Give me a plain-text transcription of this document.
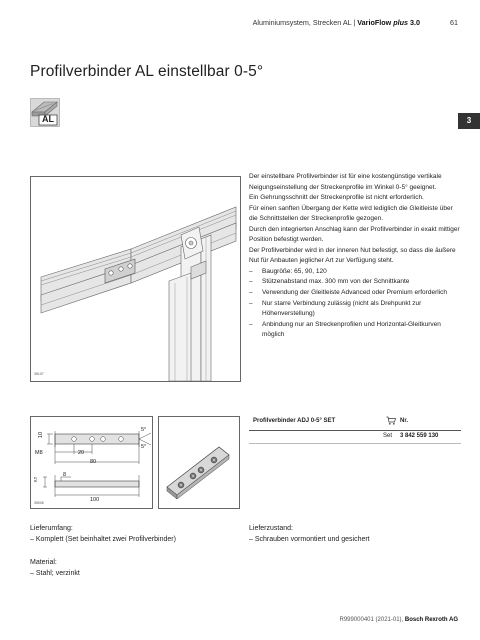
Aluminiumsystem, Strecken AL | VarioFlow plus 3.0	61
Profilverbinder AL einstellbar 0-5°
3
AL
35107

Der einstellbare Profilverbinder ist für eine kostengünstige vertikale Neigungseinstellung der Streckenprofile im Winkel 0-5° geeignet.

Ein Gehrungsschnitt der Streckenprofile ist nicht erforderlich.

Für einen sanften Übergang der Kette wird lediglich die Gleitleiste über die Schnittstellen der Streckenprofile gezogen.

Durch den integrierten Anschlag kann der Profilverbinder in exakt mittiger Position befestigt werden.

Der Profilverbinder wird in der inneren Nut befestigt, so dass die äußere Nut für Anbauten jeglicher Art zur Verfügung steht.

– Baugröße: 65, 90, 120
– Stützenabstand max. 300 mm von der Schnittkante
– Verwendung der Gleitleiste Advanced oder Premium erforderlich
– Nur starre Verbindung zulässig (nicht als Drehpunkt zur Höhenverstellung)
– Anbindung nur an Streckenprofilen und Horizontal-Gleitkurven möglich
10
M8	20
80
5°
5°
8,5
8
100
35006
Profilverbinder ADJ 0-5° SET	Nr.
Set 3 842 559 130
Lieferumfang:
– Komplett (Set beinhaltet zwei Profilverbinder)
Lieferzustand:
– Schrauben vormontiert und gesichert
Material:
– Stahl; verzinkt
R999000401 (2021-01), Bosch Rexroth AG
